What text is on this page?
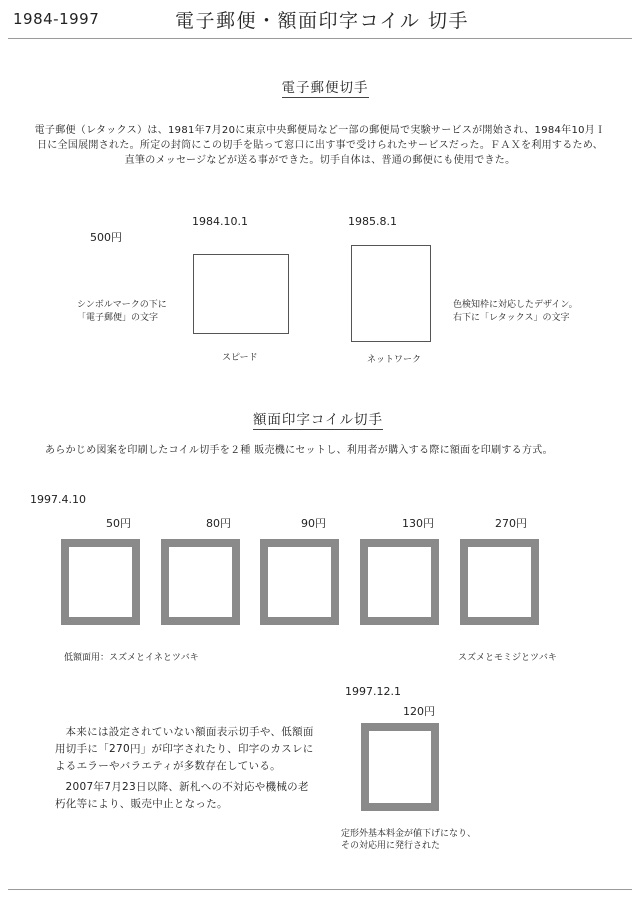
1984-1997	電子郵便・額面印字コイル 切手
電子郵便切手
電子郵便（レタックス）は、1981年7月20に東京中央郵便局など一部の郵便局で実験サービスが開始され、1984年10月Ｉ日に全国展開された。所定の封筒にこの切手を貼って窓口に出す事で受けられたサービスだった。ＦＡＸを利用するため、直筆のメッセージなどが送る事ができた。切手自体は、普通の郵便にも使用できた。
500円
1984.10.1
スピード
シンボルマークの下に
「電子郵便」の文字
1985.8.1
ネットワーク
色検知枠に対応したデザイン。
右下に「レタックス」の文字
額面印字コイル切手
あらかじめ図案を印刷したコイル切手を２種 販売機にセットし、利用者が購入する際に額面を印刷する方式。
1997.4.10
50円	80円	90円	130円	270円
低額面用：スズメとイネとツバキ	スズメとモミジとツバキ
1997.12.1
120円
定形外基本料金が値下げになり、
その対応用に発行された
本来には設定されていない額面表示切手や、低額面用切手に「270円」が印字されたり、印字のカスレによるエラーやバラエティが多数存在している。
2007年7月23日以降、新札への不対応や機械の老朽化等により、販売中止となった。
